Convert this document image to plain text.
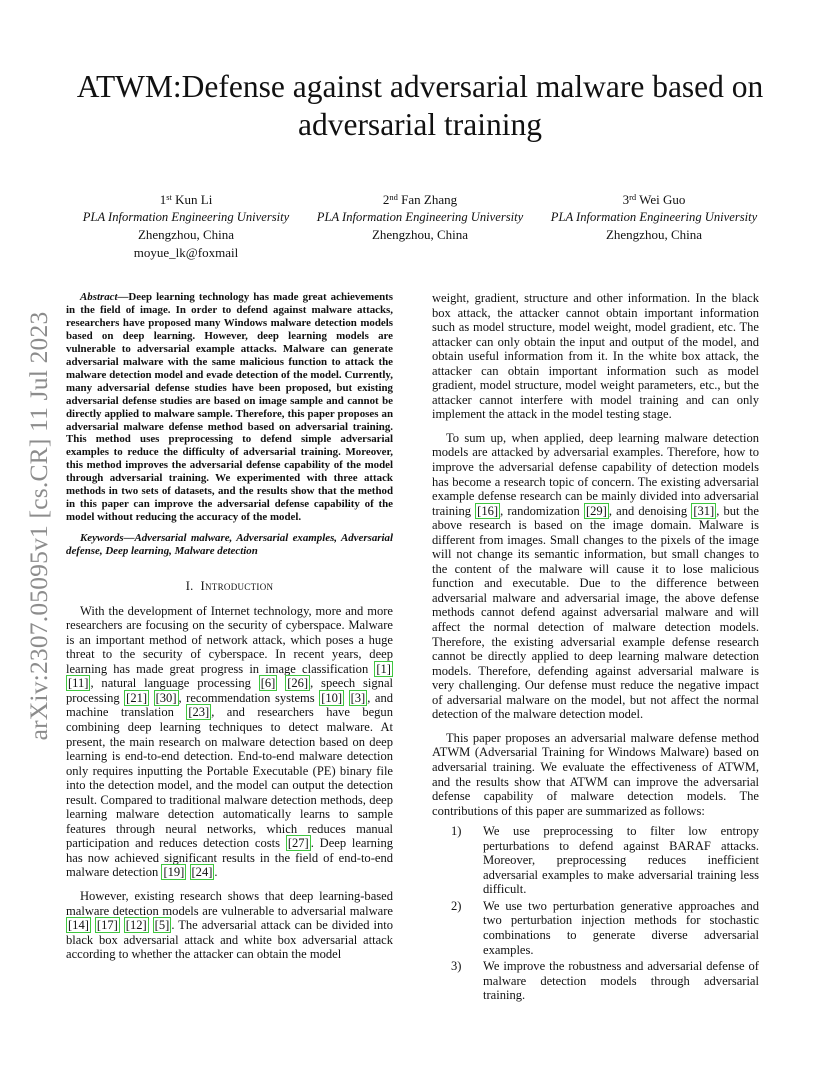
arXiv:2307.05095v1 [cs.CR] 11 Jul 2023
ATWM:Defense against adversarial malware based on adversarial training
1st Kun Li
PLA Information Engineering University
Zhengzhou, China
moyue_lk@foxmail
2nd Fan Zhang
PLA Information Engineering University
Zhengzhou, China
3rd Wei Guo
PLA Information Engineering University
Zhengzhou, China

Abstract—Deep learning technology has made great achievements in the field of image. In order to defend against malware attacks, researchers have proposed many Windows malware detection models based on deep learning. However, deep learning models are vulnerable to adversarial example attacks. Malware can generate adversarial malware with the same malicious function to attack the malware detection model and evade detection of the model. Currently, many adversarial defense studies have been proposed, but existing adversarial defense studies are based on image sample and cannot be directly applied to malware sample. Therefore, this paper proposes an adversarial malware defense method based on adversarial training. This method uses preprocessing to defend simple adversarial examples to reduce the difficulty of adversarial training. Moreover, this method improves the adversarial defense capability of the model through adversarial training. We experimented with three attack methods in two sets of datasets, and the results show that the method in this paper can improve the adversarial defense capability of the model without reducing the accuracy of the model.

Keywords—Adversarial malware, Adversarial examples, Adversarial defense, Deep learning, Malware detection

I. Introduction

With the development of Internet technology, more and more researchers are focusing on the security of cyberspace. Malware is an important method of network attack, which poses a huge threat to the security of cyberspace. In recent years, deep learning has made great progress in image classification [1] [11] , natural language processing [6] [26] , speech signal processing [21] [30] , recommendation systems [10] [3] , and machine translation [23] , and researchers have begun combining deep learning techniques to detect malware. At present, the main research on malware detection based on deep learning is end-to-end detection. End-to-end malware detection only requires inputting the Portable Executable (PE) binary file into the detection model, and the model can output the detection result. Compared to traditional malware detection methods, deep learning malware detection automatically learns to sample features through neural networks, which reduces manual participation and reduces detection costs [27] . Deep learning has now achieved significant results in the field of end-to-end malware detection [19] [24] .

However, existing research shows that deep learning-based malware detection models are vulnerable to adversarial malware [14] [17] [12] [5] . The adversarial attack can be divided into black box adversarial attack and white box adversarial attack according to whether the attacker can obtain the model

weight, gradient, structure and other information. In the black box attack, the attacker cannot obtain important information such as model structure, model weight, model gradient, etc. The attacker can only obtain the input and output of the model, and obtain useful information from it. In the white box attack, the attacker can obtain important information such as model gradient, model structure, model weight parameters, etc., but the attacker cannot interfere with model training and can only implement the attack in the model testing stage.

To sum up, when applied, deep learning malware detection models are attacked by adversarial examples. Therefore, how to improve the adversarial defense capability of detection models has become a research topic of concern. The existing adversarial example defense research can be mainly divided into adversarial training [16] , randomization [29] , and denoising [31] , but the above research is based on the image domain. Malware is different from images. Small changes to the pixels of the image will not change its semantic information, but small changes to the content of the malware will cause it to lose malicious function and executable. Due to the difference between adversarial malware and adversarial image, the above defense methods cannot defend against adversarial malware and will affect the normal detection of malware detection models. Therefore, the existing adversarial example defense research cannot be directly applied to deep learning malware detection models. Therefore, defending against adversarial malware is very challenging. Our defense must reduce the negative impact of adversarial malware on the model, but not affect the normal detection of the malware detection model.

This paper proposes an adversarial malware defense method ATWM (Adversarial Training for Windows Malware) based on adversarial training. We evaluate the effectiveness of ATWM, and the results show that ATWM can improve the adversarial defense capability of malware detection models. The contributions of this paper are summarized as follows:

1) We use preprocessing to filter low entropy perturbations to defend against BARAF attacks. Moreover, preprocessing reduces inefficient adversarial examples to make adversarial training less difficult.
2) We use two perturbation generative approaches and two perturbation injection methods for stochastic combinations to generate diverse adversarial examples.
3) We improve the robustness and adversarial defense of malware detection models through adversarial training.
